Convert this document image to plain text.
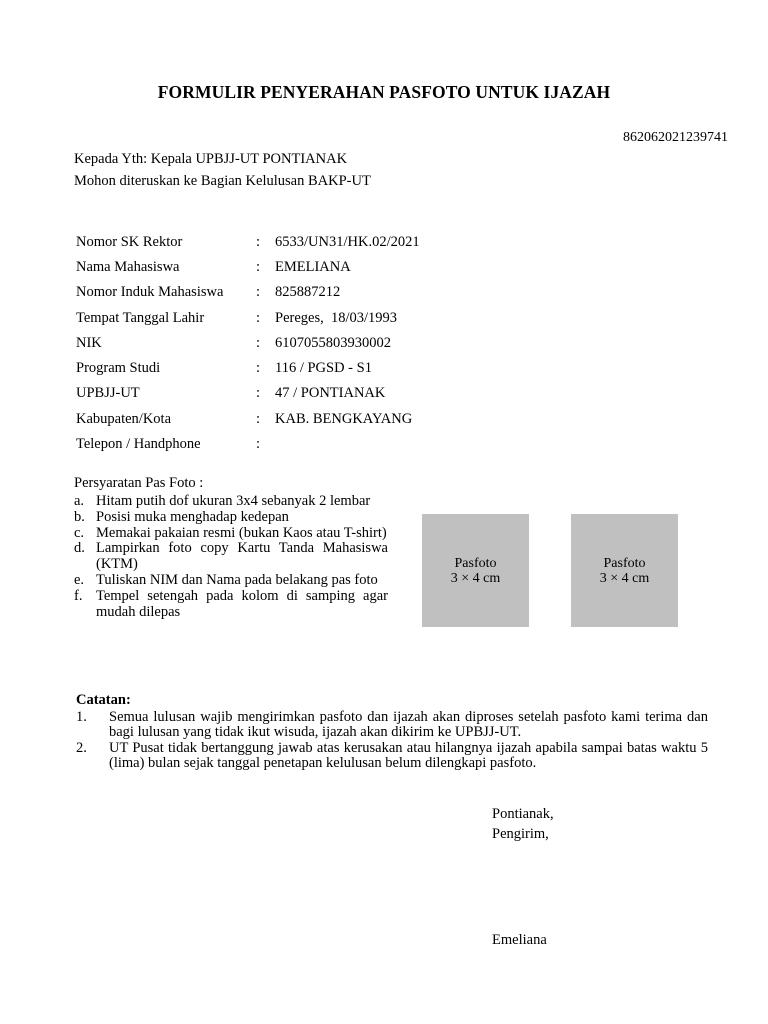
FORMULIR PENYERAHAN PASFOTO UNTUK IJAZAH
862062021239741
Kepada Yth: Kepala UPBJJ-UT PONTIANAK
Mohon diteruskan ke Bagian Kelulusan BAKP-UT
Nomor SK Rektor	:	6533/UN31/HK.02/2021
Nama Mahasiswa	:	EMELIANA
Nomor Induk Mahasiswa	:	825887212
Tempat Tanggal Lahir	:	Pereges,  18/03/1993
NIK	:	6107055803930002
Program Studi	:	116 / PGSD - S1
UPBJJ-UT	:	47 / PONTIANAK
Kabupaten/Kota	:	KAB. BENGKAYANG
Telepon / Handphone	:	
Persyaratan Pas Foto :
a. Hitam putih dof ukuran 3x4 sebanyak 2 lembar
b. Posisi muka menghadap kedepan
c. Memakai pakaian resmi (bukan Kaos atau T-shirt)
d. Lampirkan foto copy Kartu Tanda Mahasiswa (KTM)
e. Tuliskan NIM dan Nama pada belakang pas foto
f. Tempel setengah pada kolom di samping agar mudah dilepas
Pasfoto
3 × 4 cm
Pasfoto
3 × 4 cm
Catatan:
1. Semua lulusan wajib mengirimkan pasfoto dan ijazah akan diproses setelah pasfoto kami terima dan bagi lulusan yang tidak ikut wisuda, ijazah akan dikirim ke UPBJJ-UT.
2. UT Pusat tidak bertanggung jawab atas kerusakan atau hilangnya ijazah apabila sampai batas waktu 5 (lima) bulan sejak tanggal penetapan kelulusan belum dilengkapi pasfoto.
Pontianak,
Pengirim,
Emeliana
